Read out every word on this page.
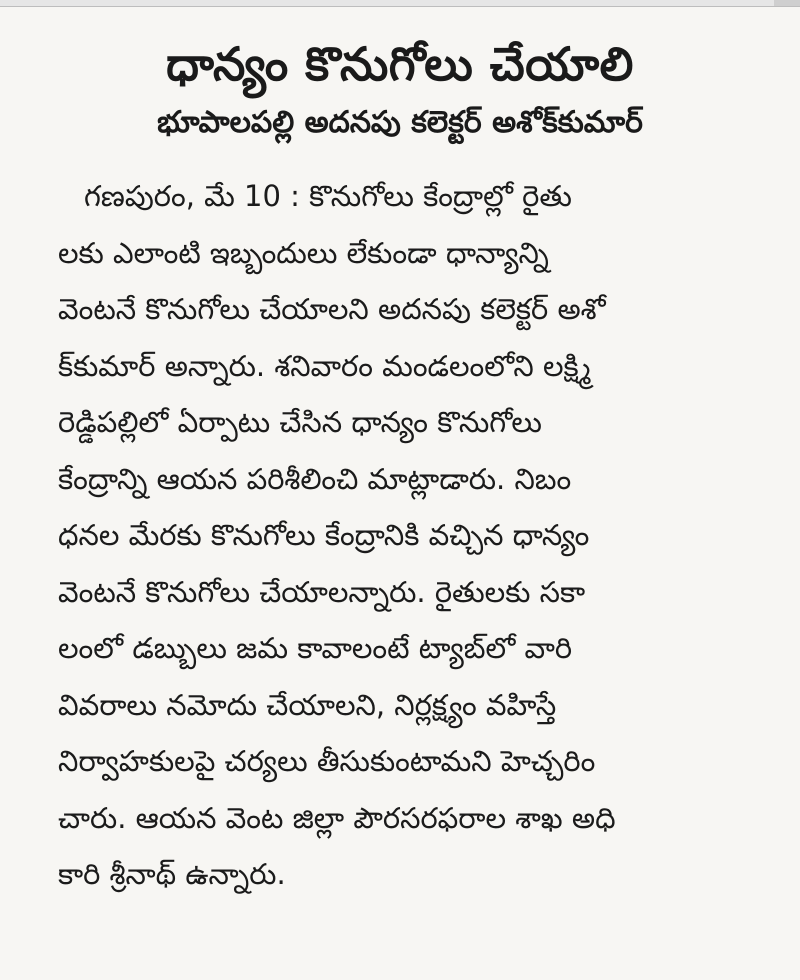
ధాన్యం కొనుగోలు చేయాలి
భూపాలపల్లి అదనపు కలెక్టర్ అశోక్‌కుమార్
గణపురం, మే 10 : కొనుగోలు కేంద్రాల్లో రైతు
లకు ఎలాంటి ఇబ్బందులు లేకుండా ధాన్యాన్ని
వెంటనే కొనుగోలు చేయాలని అదనపు కలెక్టర్ అశో
క్‌కుమార్ అన్నారు. శనివారం మండలంలోని లక్ష్మి
రెడ్డిపల్లిలో ఏర్పాటు చేసిన ధాన్యం కొనుగోలు
కేంద్రాన్ని ఆయన పరిశీలించి మాట్లాడారు. నిబం
ధనల మేరకు కొనుగోలు కేంద్రానికి వచ్చిన ధాన్యం
వెంటనే కొనుగోలు చేయాలన్నారు. రైతులకు సకా
లంలో డబ్బులు జమ కావాలంటే ట్యాబ్‌లో వారి
వివరాలు నమోదు చేయాలని, నిర్లక్ష్యం వహిస్తే
నిర్వాహకులపై చర్యలు తీసుకుంటామని హెచ్చరిం
చారు. ఆయన వెంట జిల్లా పౌరసరఫరాల శాఖ అధి
కారి శ్రీనాథ్ ఉన్నారు.
